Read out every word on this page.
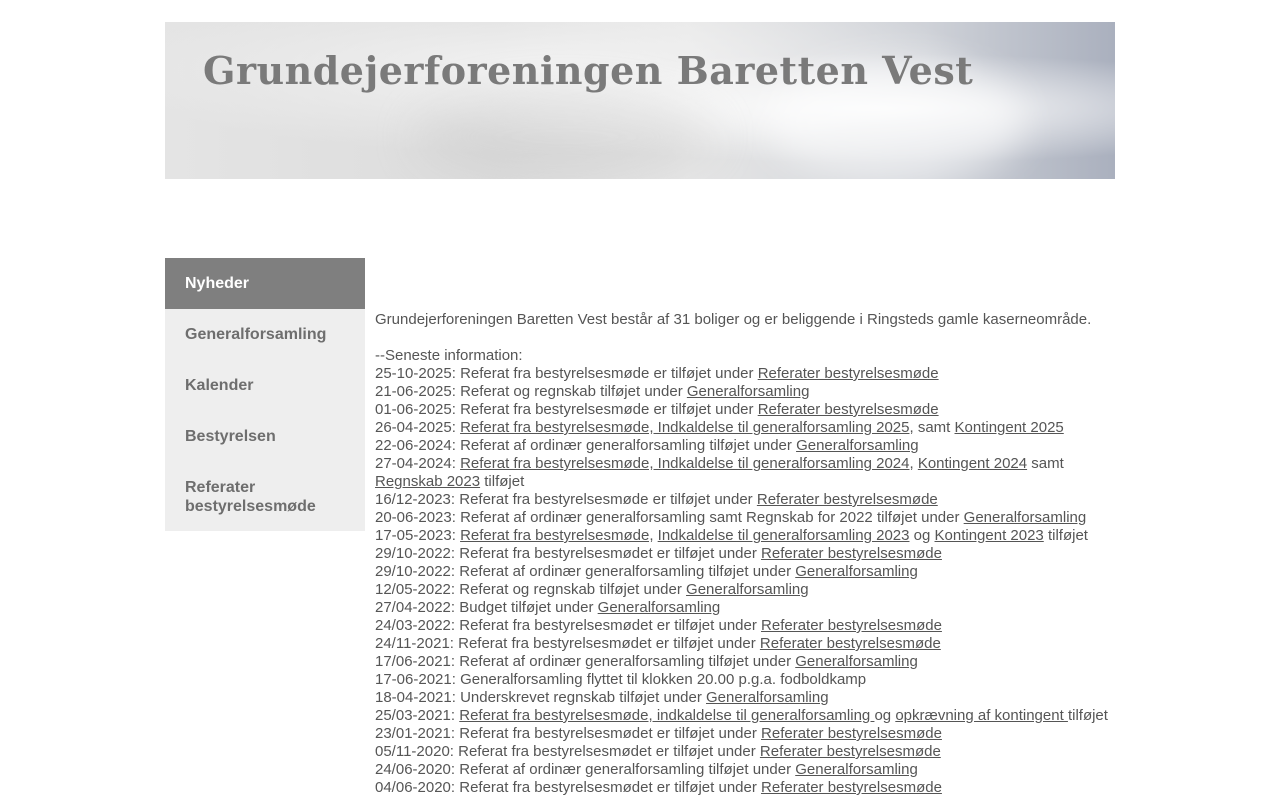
Grundejerforeningen Baretten Vest
Nyheder
Generalforsamling
Kalender
Bestyrelsen
Referater bestyrelsesmøde

Grundejerforeningen Baretten Vest består af 31 boliger og er beliggende i Ringsteds gamle kaserneområde.

--Seneste information:
25-10-2025: Referat fra bestyrelsesmøde er tilføjet under Referater bestyrelsesmøde
21-06-2025: Referat og regnskab tilføjet under Generalforsamling
01-06-2025: Referat fra bestyrelsesmøde er tilføjet under Referater bestyrelsesmøde
26-04-2025: Referat fra bestyrelsesmøde, Indkaldelse til generalforsamling 2025, samt Kontingent 2025
22-06-2024: Referat af ordinær generalforsamling tilføjet under Generalforsamling
27-04-2024: Referat fra bestyrelsesmøde, Indkaldelse til generalforsamling 2024, Kontingent 2024 samt Regnskab 2023 tilføjet
16/12-2023: Referat fra bestyrelsesmøde er tilføjet under Referater bestyrelsesmøde
20-06-2023: Referat af ordinær generalforsamling samt Regnskab for 2022 tilføjet under Generalforsamling
17-05-2023: Referat fra bestyrelsesmøde, Indkaldelse til generalforsamling 2023 og Kontingent 2023 tilføjet
29/10-2022: Referat fra bestyrelsesmødet er tilføjet under Referater bestyrelsesmøde
29/10-2022: Referat af ordinær generalforsamling tilføjet under Generalforsamling
12/05-2022: Referat og regnskab tilføjet under Generalforsamling
27/04-2022: Budget tilføjet under Generalforsamling
24/03-2022: Referat fra bestyrelsesmødet er tilføjet under Referater bestyrelsesmøde
24/11-2021: Referat fra bestyrelsesmødet er tilføjet under Referater bestyrelsesmøde
17/06-2021: Referat af ordinær generalforsamling tilføjet under Generalforsamling
17-06-2021: Generalforsamling flyttet til klokken 20.00 p.g.a. fodboldkamp
18-04-2021: Underskrevet regnskab tilføjet under Generalforsamling
25/03-2021: Referat fra bestyrelsesmøde, indkaldelse til generalforsamling og opkrævning af kontingent tilføjet
23/01-2021: Referat fra bestyrelsesmødet er tilføjet under Referater bestyrelsesmøde
05/11-2020: Referat fra bestyrelsesmødet er tilføjet under Referater bestyrelsesmøde
24/06-2020: Referat af ordinær generalforsamling tilføjet under Generalforsamling
04/06-2020: Referat fra bestyrelsesmødet er tilføjet under Referater bestyrelsesmøde
